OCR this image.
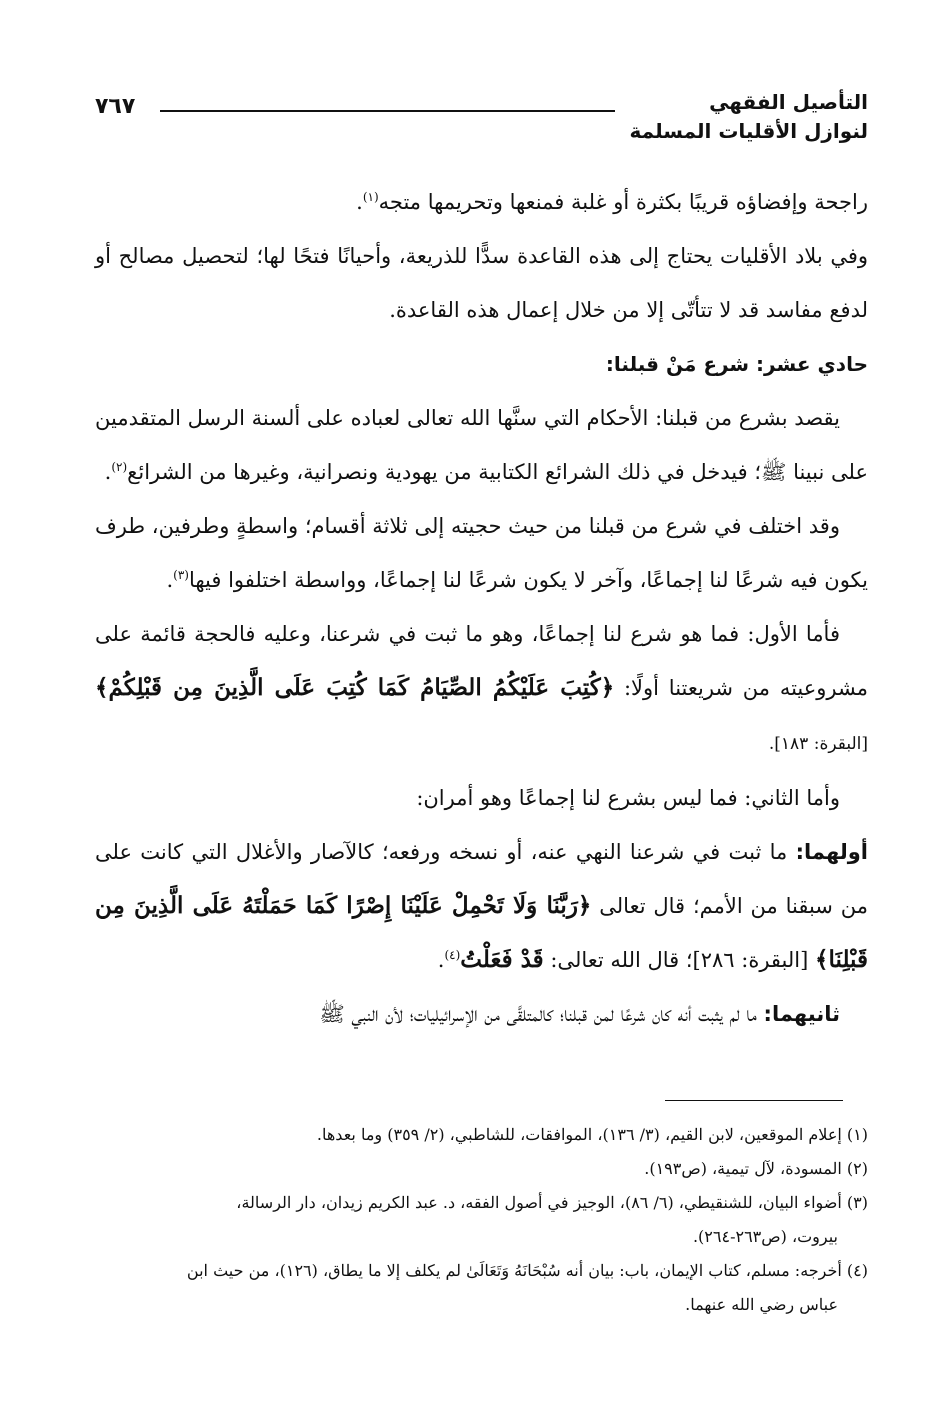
التأصيل الفقهي
لنوازل الأقليات المسلمة
٧٦٧

راجحة وإفضاؤه قريبًا بكثرة أو غلبة فمنعها وتحريمها متجه$^{(١)}$.

وفي بلاد الأقليات يحتاج إلى هذه القاعدة سدًّا للذريعة، وأحيانًا فتحًا لها؛ لتحصيل مصالح أو لدفع مفاسد قد لا تتأتّى إلا من خلال إعمال هذه القاعدة.

حادي عشر: شرع مَنْ قبلنا:

يقصد بشرع من قبلنا: الأحكام التي سنَّها الله تعالى لعباده على ألسنة الرسل المتقدمين على نبينا ﷺ؛ فيدخل في ذلك الشرائع الكتابية من يهودية ونصرانية، وغيرها من الشرائع$^{(٢)}$.

وقد اختلف في شرع من قبلنا من حيث حجيته إلى ثلاثة أقسام؛ واسطةٍ وطرفين، طرف يكون فيه شرعًا لنا إجماعًا، وآخر لا يكون شرعًا لنا إجماعًا، وواسطة اختلفوا فيها$^{(٣)}$.

فأما الأول: فما هو شرع لنا إجماعًا، وهو ما ثبت في شرعنا، وعليه فالحجة قائمة على مشروعيته من شريعتنا أولًا: ﴿كُتِبَ عَلَيْكُمُ الصِّيَامُ كَمَا كُتِبَ عَلَى الَّذِينَ مِن قَبْلِكُمْ﴾ [البقرة: ١٨٣].

وأما الثاني: فما ليس بشرع لنا إجماعًا وهو أمران:

أولهما: ما ثبت في شرعنا النهي عنه، أو نسخه ورفعه؛ كالآصار والأغلال التي كانت على من سبقنا من الأمم؛ قال تعالى ﴿رَبَّنَا وَلَا تَحْمِلْ عَلَيْنَا إِصْرًا كَمَا حَمَلْتَهُ عَلَى الَّذِينَ مِن قَبْلِنَا﴾ [البقرة: ٢٨٦]؛ قال الله تعالى: قَدْ فَعَلْتُ$^{(٤)}$.

ثانيهما: ما لم يثبت أنه كان شرعًا لمن قبلنا؛ كالمتلقَّى من الإسرائيليات؛ لأن النبي ﷺ

(١) إعلام الموقعين، لابن القيم، (٣/ ١٣٦)، الموافقات، للشاطبي، (٢/ ٣٥٩) وما بعدها.

(٢) المسودة، لآل تيمية، (ص١٩٣).

(٣) أضواء البيان، للشنقيطي، (٦/ ٨٦)، الوجيز في أصول الفقه، د. عبد الكريم زيدان، دار الرسالة،

بيروت، (ص٢٦٣-٢٦٤).

(٤) أخرجه: مسلم، كتاب الإيمان، باب: بيان أنه سُبْحَانَهُ وَتَعَالَىٰ لم يكلف إلا ما يطاق، (١٢٦)، من حيث ابن

عباس رضي الله عنهما.
